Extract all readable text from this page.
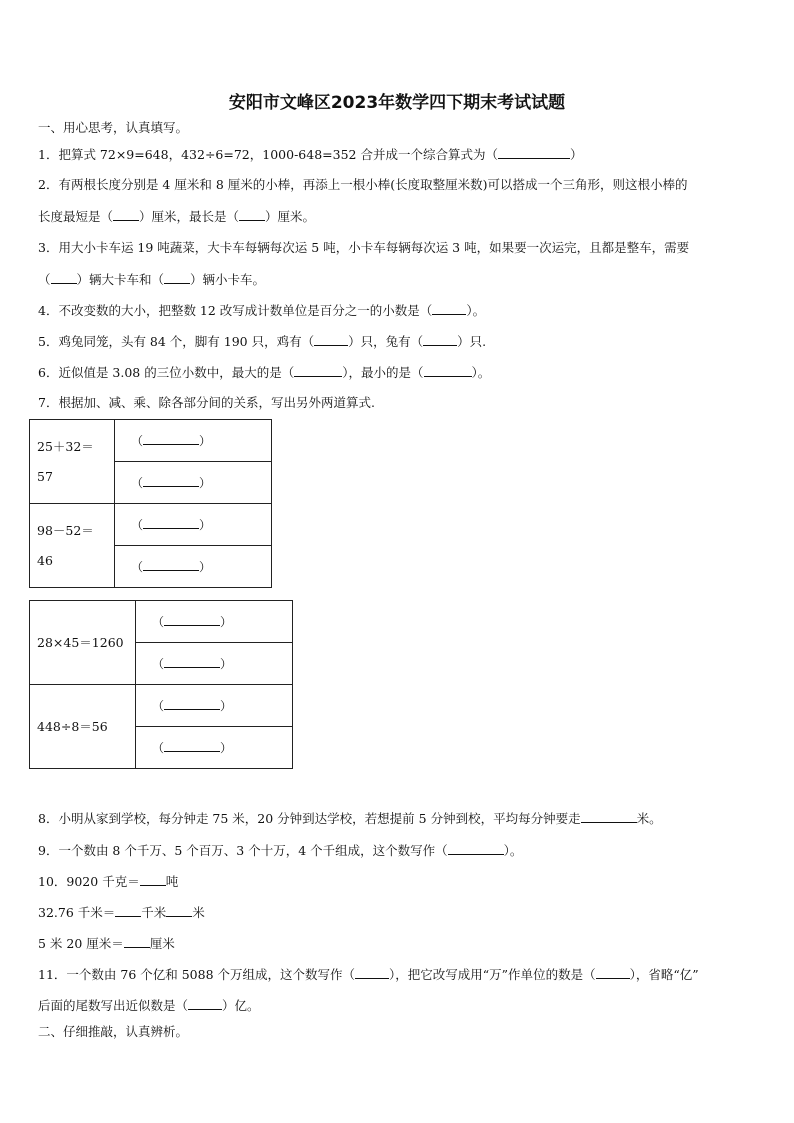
安阳市文峰区2023年数学四下期末考试试题
一、用心思考，认真填写。
1．把算式 72×9=648，432÷6=72，1000-648=352 合并成一个综合算式为（	）
2．有两根长度分别是 4 厘米和 8 厘米的小棒，再添上一根小棒(长度取整厘米数)可以搭成一个三角形，则这根小棒的
长度最短是（ ）厘米，最长是（ ）厘米。
3．用大小卡车运 19 吨蔬菜，大卡车每辆每次运 5 吨，小卡车每辆每次运 3 吨，如果要一次运完，且都是整车，需要
（ ）辆大卡车和（ ）辆小卡车。
4．不改变数的大小，把整数 12 改写成计数单位是百分之一的小数是（	）。
5．鸡兔同笼，头有 84 个，脚有 190 只，鸡有（	）只，兔有（	）只.
6．近似值是 3.08 的三位小数中，最大的是（	），最小的是（	）。
7．根据加、减、乘、除各部分间的关系，写出另外两道算式.
25＋32＝
57	（ ）
	（ ）

98－52＝
46	（ ）
	（ ）
28×45＝1260	（ ）
	（ ）
448÷8＝56	（ ）
	（ ）
8．小明从家到学校，每分钟走 75 米，20 分钟到达学校，若想提前 5 分钟到校，平均每分钟要走	米。
9．一个数由 8 个千万、5 个百万、3 个十万，4 个千组成，这个数写作（	）。
10．9020 千克＝ 吨
32.76 千米＝ 千米 米
5 米 20 厘米＝ 厘米
11．一个数由 76 个亿和 5088 个万组成，这个数写作（	），把它改写成用“万”作单位的数是（	），省略“亿”
后面的尾数写出近似数是（	）亿。
二、仔细推敲，认真辨析。
